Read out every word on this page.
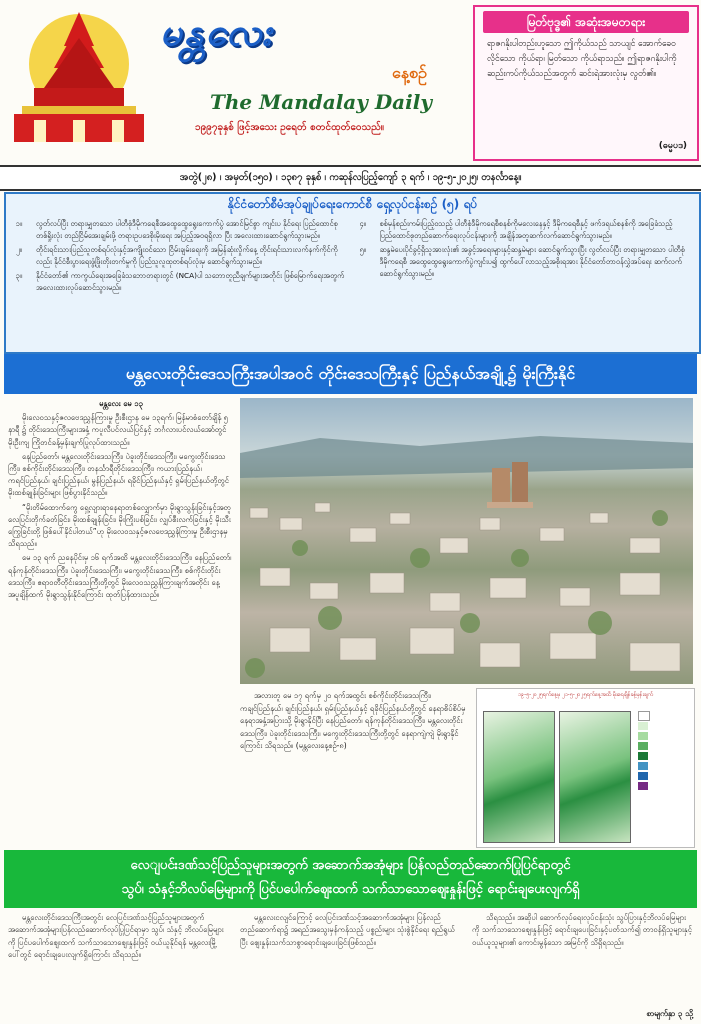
မန္တလေး
နေ့စဉ်
The Mandalay Daily
၁၉၉၇ခုနှစ် ဖြင့်အသေး ဥရေတ် စတင်ထုတ်ဝေသည်။
မြတ်ဗုဒ္ဓ၏ အဆုံးအမတရား
ရာဇဂနိုးပါတည်းဟူသော ဤကိုယ်သည် သာယျင် အောက်ခေဝလိုင်သော ကိုယ်ရာ၊ မြတ်သော ကိုယ်ရာသည်။ ဤရာဇဂနိုးပါကို ဆည်းကပ်ကိုယ်သည်အတွက် ဆင်းရဲအားလုံးမှ လွတ်၏။
(ဓမ္မပဒ)
အတွဲ(၂၈) ၊ အမှတ်(၁၅၀) ၊ ၁၃၈၇ ခုနှစ် ၊ ကဆုန်လပြည့်ကျော် ၃ ရက် ၊ ၁၉-၅-၂၀၂၅၊ တနင်္လာနေ့။
နိုင်ငံတော်စီမံအုပ်ချုပ်ရေးကောင်စီ ရှေ့လုပ်ငန်းစဉ် (၅) ရပ်
၁။	လွတ်လပ်ပြီး တရားမျှတသော ပါတီစုံဒီမိုကရေစီအထွေထွေရွေးကောက်ပွဲ အောင်မြင်စွာ ကျင်းပ နိုင်ရေး ပြည်ထောင်စုတစ်ရှိုးလုံး တည်ငြိမ်အေးချမ်းဖို့ တရားဥပဒေစိုးမိုးရေး အပြည့်အဝရရှိလာ ပြီး အလေးထားဆောင်ရွက်သွားမည်။
၂။	တိုင်းရင်းသားပြည်သူတစ်ရပ်လုံးနှင့်အကျိုးဝင်သော ငြိမ်းချမ်းရေးကို အမြန်ဆုံးလှိုက်နေ့ တိုင်းရင်းသားလက်နက်ကိုင်ကိုလည်း နိုင်ငံစီးပွားရေးဖွံ့ဖြိုးတိုးတက်မှုကို ပြည်သူလူထုတစ်ရပ်လုံးမှ ဆောင်ရွက်သွားမည်။
၃။	နိုင်ငံတော်၏ ကာကွယ်ရေးအခြေခံသဘောတရားတွင် (NCA)ပါ သဘောတူညီချက်များအတိုင်း ဖြစ်မြောက်ရေးအတွက် အလေးထားလုပ်ဆောင်သွားမည်။
၄။	စစ်မှန်စည်းကမ်းပြည့်ဝသည့် ပါတီစုံဒီမိုကရေစီစနစ်ကိုမလေးနေနှင့် ဒီမိုကရေစီနှင့် ဖက်ဒရယ်စနစ်ကို အခြေခံသည့် ပြည်ထောင်စုတည်ဆောက်ရေးလုပ်ငန်းများကို အချိန်အတူဆက်လက်ဆောင်ရွက်သွားမည်။
၅။	ဆန္ဒမဲပေးပိုင်ခွင့်ရှိသူအားလုံး၏ အခွင့်အရေးများနှင့်ဆန္ဒမဲများ ဆောင်ရွက်သွားပြီး လွတ်လပ်ပြီး တရားမျှတသော ပါတီစုံ ဒီမိုကရေစီ အထွေထွေရွေးကောက်ပွဲကျင်းပ၍ ထွက်ပေါ်လာသည့်အစိုးရအား နိုင်ငံတော်တာဝန်လွှဲအပ်ရေး ဆက်လက်ဆောင်ရွက်သွားမည်။
မန္တလေးတိုင်းဒေသကြီးအပါအဝင် တိုင်းဒေသကြီးနှင့် ပြည်နယ်အချို့၌ မိုးကြီးနိုင်

မန္တလေး မေ ၁၃

မိုးလေဝသနှင့်ဇလဗေဒညွှန်ကြားမှု ဦးစီးဌာန မေ ၁၃ရက်၊ မြန်မာစံတော်ချိန် ၅ နာရီ ၌ တိုင်းဒေသကြီးများအနှံ့ ကပူလီပင်လယ်ပြင်နှင့် ဘင်္ဂလားပင်လယ်အော်တွင် မိုးဦးကျ ကြိုတင်ခန့်မှန်းချက်ပြုလုပ်ထားသည်။

နေပြည်တော်၊ မန္တလေးတိုင်းဒေသကြီး၊ ပဲခူးတိုင်းဒေသကြီး၊ မကွေးတိုင်းဒေသကြီး၊ စစ်ကိုင်းတိုင်းဒေသကြီး၊ တနင်္သာရီတိုင်းဒေသကြီး၊ ကယားပြည်နယ်၊ ကရင်ပြည်နယ်၊ ချင်းပြည်နယ်၊ မွန်ပြည်နယ်၊ ရခိုင်ပြည်နယ်နှင့် ရှမ်းပြည်နယ်တို့တွင် မိုးထစ်ချုန်းခြင်းများ ဖြစ်ပွားနိုင်သည်။

“မိုးတိမ်ထောက်ကွေ ရှေ့လျားရာနေရာတစ်လျှောက်မှာ မိုးရွာသွန်းခြင်းနှင့်အတူ လေပြင်းတိုက်ခတ်ခြင်း၊ မိုးထစ်ချုန်းခြင်း၊ မိုးကြိုးပစ်ခြင်း၊ လျှပ်စီးလက်ခြင်းနှင့် မိုးသီးကြွေခြင်းတို့ ဖြစ်ပေါ်နိုင်ပါတယ်”ဟု မိုးလေဝသနှင့်ဇလဗေဒညွှန်ကြားမှု ဦးစီးဌာနမှ သိရသည်။

မေ ၁၃ ရက် ညနေပိုင်းမှ ၁၆ ရက်အထိ မန္တလေးတိုင်းဒေသကြီး၊ နေပြည်တော်၊ ရန်ကုန်တိုင်းဒေသကြီး၊ ပဲခူးတိုင်းဒေသကြီး၊ မကွေးတိုင်းဒေသကြီး၊ စစ်ကိုင်းတိုင်းဒေသကြီး၊ ဧရာဝတီတိုင်းဒေသကြီးတို့တွင် မိုးလေဝသညွှန်ကြားချက်အတိုင်း နေ့အပူချိန်ထက် မိုးရွာသွန်းနိုင်ကြောင်း ထုတ်ပြန်ထားသည်။

အလားတူ မေ ၁၇ ရက်မှ ၂၀ ရက်အထွင်း စစ်ကိုင်းတိုင်းဒေသကြီး၊ ကချင်ပြည်နယ်၊ ချင်းပြည်နယ်၊ ရှမ်းပြည်နယ်နှင့် ရခိုင်ပြည်နယ်တို့တွင် နေရာစိပ်စိပ်မှ နေရာအနှံ့အပြားသို့ မိုးရွာနိုင်ပြီး နေပြည်တော်၊ ရန်ကုန်တိုင်းဒေသကြီး၊ မန္တလေးတိုင်းဒေသကြီး၊ ပဲခူးတိုင်းဒေသကြီး၊ မကွေးတိုင်းဒေသကြီးတို့တွင် နေရာကျဲကျဲ မိုးရွာနိုင်ကြောင်း သိရသည်။ (မန္တလေးနေ့စဉ်-၈)
၁၉-၅-၂၀၂၅ရက်နေ့မှ ၂၁-၅-၂၀၂၅ရက်နေ့အထိ မိုးရေချိန်ခန့်မှန်းချက်
လေျပင်းဒဏ်သင့်ပြည်သူများအတွက် အဆောက်အအုံများ ပြန်လည်တည်ဆောက်ပြုပြင်ရာတွင်
သွပ်၊ သံနှင့်ဘိလပ်မြေများကို ပြင်ပပေါက်ဈေးထက် သက်သာသောဈေးနှုန်းဖြင့် ရောင်းချပေးလျက်ရှိ

မန္တလေးတိုင်းဒေသကြီးအတွင်း လေပြင်းဒဏ်သင့်ပြည်သူများအတွက် အဆောက်အအုံများပြန်လည်ဆောက်လုပ်ပြုပြင်ရာမှာ သွပ်၊ သံနှင့် ဘိလပ်မြေများကို ပြင်ပပေါက်ဈေးထက် သက်သာသောဈေးနှုန်းဖြင့် ဝယ်ယူနိုင်ရန် မန္တလေးမြို့ပေါ်တွင် ရောင်းချပေးလျက်ရှိကြောင်း သိရသည်။

မန္တလေးငလျင်ကြောင့် လေပြင်းဒဏ်သင့်အဆောက်အအုံများ ပြန်လည်တည်ဆောက်ရာ၌ အရည်အသွေးမှန်ကန်သည့် ပစ္စည်းများ သုံးစွဲနိုင်ရေး ရည်ရွယ်ပြီး ဈေးနှုန်းသက်သာစွာရောင်းချပေးခြင်းဖြစ်သည်။

သိရသည်။ အဆိုပါ ဆောက်လုပ်ရေးလုပ်ငန်းသုံး သွပ်ပြားနှင့်ဘိလပ်မြေများကို သက်သာသောဈေးနှုန်းဖြင့် ရောင်းချပေးခြင်းနှင့်ပတ်သက်၍ တာဝန်ရှိသူများနှင့် ဝယ်ယူသူများ၏ ကောင်းမွန်သော အမြင်ကို သိရှိရသည်။

စာမျက်နှာ ၃ သို့
